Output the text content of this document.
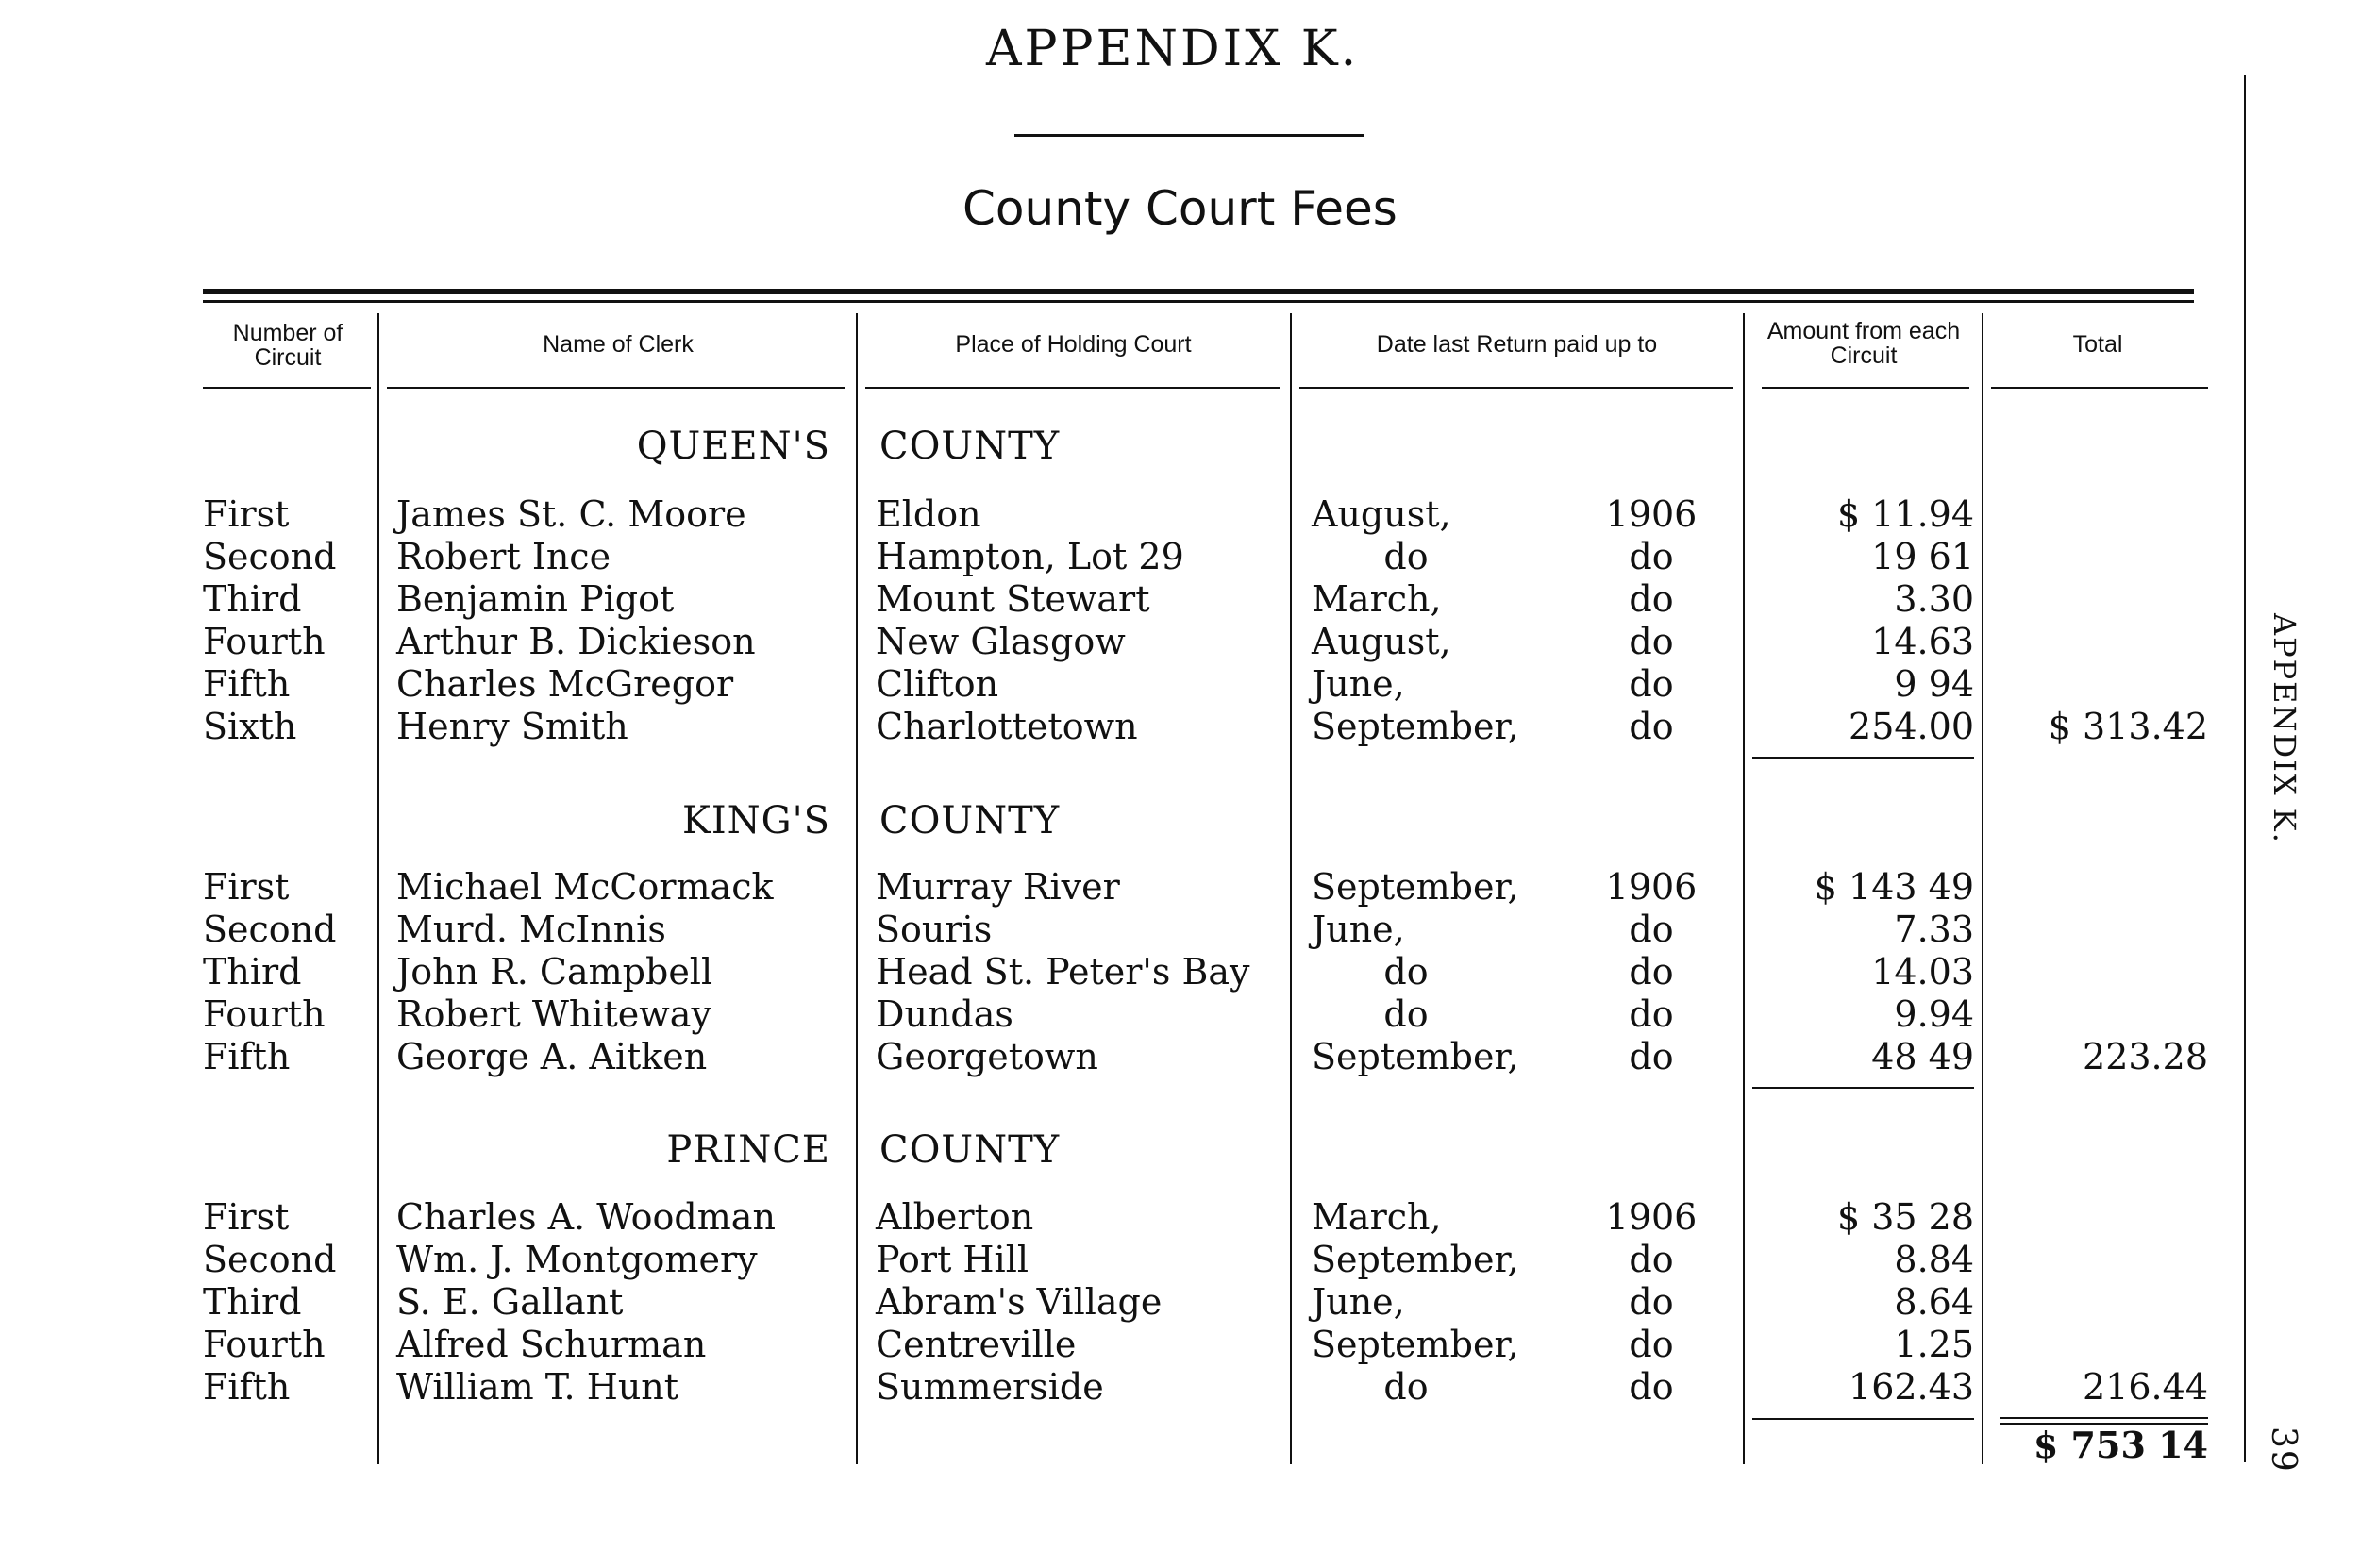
APPENDIX K.
County Court Fees
Number of Circuit	Name of Clerk	Place of Holding Court	Date last Return paid up to	Amount from each Circuit	Total
QUEEN'S COUNTY
First	James St. C. Moore	Eldon	August,	1906	$ 11.94
Second Robert Ince	Hampton, Lot 29	do	do	19 61
Third	Benjamin Pigot	Mount Stewart	March,	do	3.30
Fourth Arthur B. Dickieson	New Glasgow	August,	do	14.63
Fifth	Charles McGregor	Clifton	June,	do	9 94
Sixth	Henry Smith	Charlottetown	September,	do	254.00	$ 313.42
KING'S COUNTY
First	Michael McCormack	Murray River	September, 1906	$ 143 49
Second Murd. McInnis	Souris	June,	do	7.33
Third	John R. Campbell	Head St. Peter's Bay	do	do	14.03
Fourth Robert Whiteway	Dundas	do	do	9.94
Fifth	George A. Aitken	Georgetown	September,	do	48 49	223.28
PRINCE COUNTY
First	Charles A. Woodman	Alberton	March,	1906	$ 35 28
Second Wm. J. Montgomery	Port Hill	September,	do	8.84
Third	S. E. Gallant	Abram's Village	June,	do	8.64
Fourth Alfred Schurman	Centreville	September,	do	1.25
Fifth	William T. Hunt	Summerside	do	do	162.43	216.44
$ 753 14
APPENDIX K.
39
